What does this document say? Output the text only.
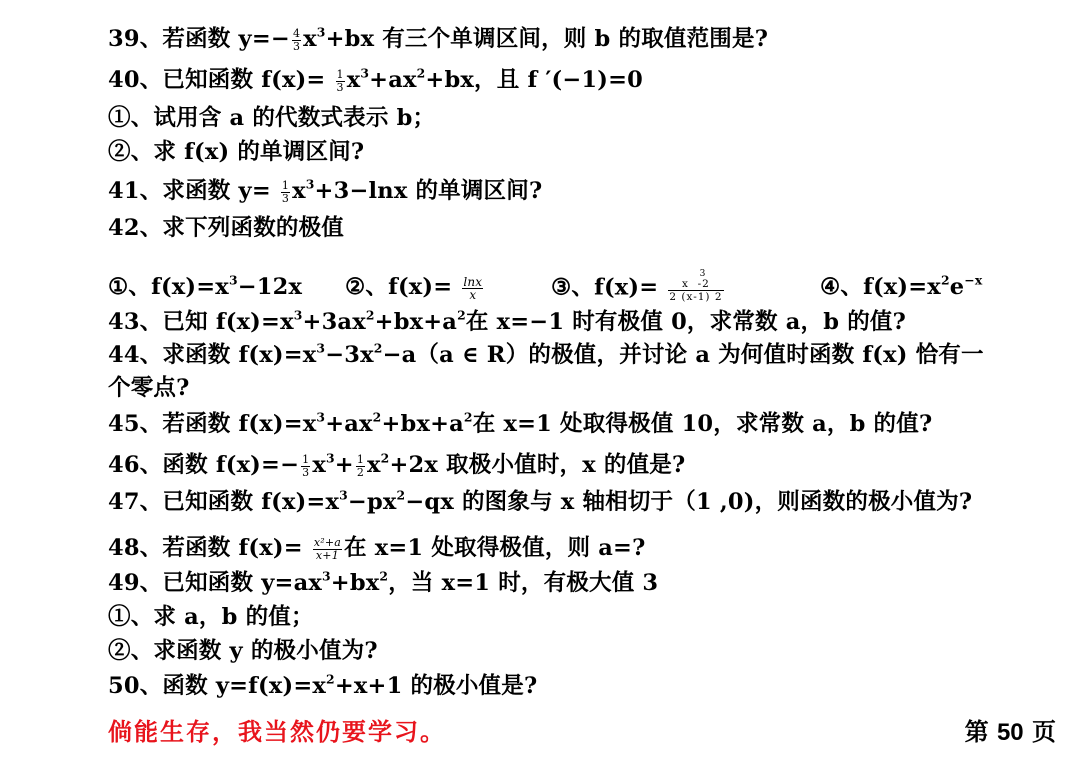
39、若函数 $y=- \frac{4}{3} x^3+bx$ 有三个单调区间，则 b 的取值范围是?
40、已知函数 $f(x)= \frac{1}{3} x^3+ax^2+bx$，且 f ′(−1)=0
①、试用含 a 的代数式表示 b；
②、求 f(x) 的单调区间?
41、求函数 $y= \frac{1}{3} x^3+3-\ln x$ 的单调区间?
42、求下列函数的极值
①、$f(x)=x^3-12x$ ②、$f(x)= \frac{\ln x}{x}$	③、f(x)=
3
x  -2
2 (x-1) 2	④、$f(x)=x^2e^{-x}$
43、已知 $f(x)=x^3+3ax^2+bx+a^2$在 x=−1 时有极值 0，求常数 a，b 的值?
44、求函数 $f(x)=x^3-3x^2-a(a$ ∈ R）的极值，并讨论 a 为何值时函数 f(x) 恰有一
个零点?
45、若函数 $f(x)=x^3+ax^2+bx+a^2$在 x=1 处取得极值 10，求常数 a，b 的值?
46、函数 $f(x)=- \frac{1}{3} x^3+ \frac{1}{2} x^2+2x$ 取极小值时，x 的值是?
47、已知函数 $f(x)=x^3-px^2-qx$ 的图象与 x 轴相切于（1 ,0)，则函数的极小值为?
48、若函数 $f(x)= \frac{\text{x²+a}}{x+1}$ 在 x=1 处取得极值，则 a=?
49、已知函数 $y=ax^3+bx^2$，当 x=1 时，有极大值 3
①、求 a，b 的值；
②、求函数 y 的极小值为?
50、函数 $y=f(x)=x^2+x+1$ 的极小值是?
倘能生存，我当然仍要学习。	第 50 页
